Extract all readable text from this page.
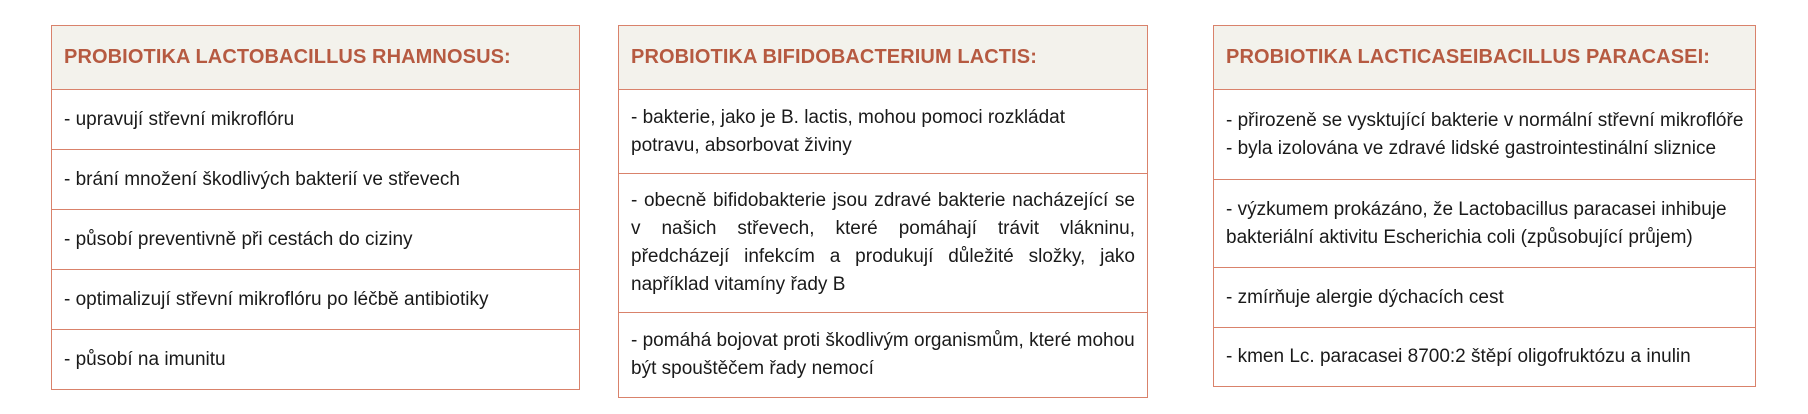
PROBIOTIKA LACTOBACILLUS RHAMNOSUS:
- upravují střevní mikroflóru
- brání množení škodlivých bakterií ve střevech
- působí preventivně při cestách do ciziny
- optimalizují střevní mikroflóru po léčbě antibiotiky
- působí na imunitu
PROBIOTIKA BIFIDOBACTERIUM LACTIS:
- bakterie, jako je B. lactis, mohou pomoci rozkládat potravu, absorbovat živiny
- obecně bifidobakterie jsou zdravé bakterie nacházející se v našich střevech, které pomáhají trávit vlákninu, předcházejí infekcím a produkují důležité složky, jako například vitamíny řady B
- pomáhá bojovat proti škodlivým organismům, které mohou být spouštěčem řady nemocí
PROBIOTIKA LACTICASEIBACILLUS PARACASEI:
- přirozeně se vysktující bakterie v normální střevní mikroflóře
- byla izolována ve zdravé lidské gastrointestinální sliznice
- výzkumem prokázáno, že Lactobacillus paracasei inhibuje bakteriální aktivitu Escherichia coli (způsobující průjem)
- zmírňuje alergie dýchacích cest
- kmen Lc. paracasei 8700:2 štěpí oligofruktózu a inulin
